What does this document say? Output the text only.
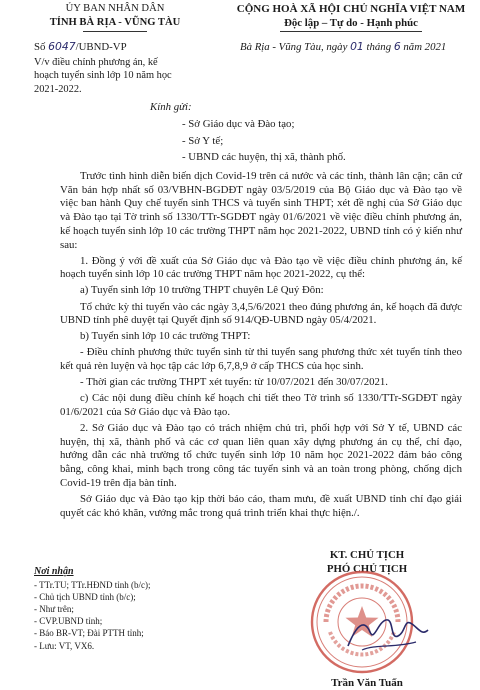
ỦY BAN NHÂN DÂN
TỈNH BÀ RỊA - VŨNG TÀU
CỘNG HOÀ XÃ HỘI CHỦ NGHĨA VIỆT NAM
Độc lập – Tự do - Hạnh phúc
Số 6047/UBND-VP	Bà Rịa - Vũng Tàu, ngày 01 tháng 6 năm 2021
V/v điều chỉnh phương án, kế hoạch tuyển sinh lớp 10 năm học 2021-2022.
Kính gửi:
- Sở Giáo dục và Đào tạo;
- Sở Y tế;
- UBND các huyện, thị xã, thành phố.

Trước tình hình diễn biến dịch Covid-19 trên cả nước và các tỉnh, thành lân cận; căn cứ Văn bản hợp nhất số 03/VBHN-BGDĐT ngày 03/5/2019 của Bộ Giáo dục và Đào tạo về việc ban hành Quy chế tuyển sinh THCS và tuyển sinh THPT; xét đề nghị của Sở Giáo dục và Đào tạo tại Tờ trình số 1330/TTr-SGDĐT ngày 01/6/2021 về việc điều chỉnh phương án, kế hoạch tuyển sinh lớp 10 các trường THPT năm học 2021-2022, UBND tỉnh có ý kiến như sau:

1. Đồng ý với đề xuất của Sở Giáo dục và Đào tạo về việc điều chỉnh phương án, kế hoạch tuyển sinh lớp 10 các trường THPT năm học 2021-2022, cụ thể:

a) Tuyển sinh lớp 10 trường THPT chuyên Lê Quý Đôn:

Tổ chức kỳ thi tuyển vào các ngày 3,4,5/6/2021 theo đúng phương án, kế hoạch đã được UBND tỉnh phê duyệt tại Quyết định số 914/QĐ-UBND ngày 05/4/2021.

b) Tuyển sinh lớp 10 các trường THPT:

- Điều chỉnh phương thức tuyển sinh từ thi tuyển sang phương thức xét tuyển tính theo kết quả rèn luyện và học tập các lớp 6,7,8,9 ở cấp THCS của học sinh.

- Thời gian các trường THPT xét tuyển: từ 10/07/2021 đến 30/07/2021.

c) Các nội dung điều chỉnh kế hoạch chi tiết theo Tờ trình số 1330/TTr-SGDĐT ngày 01/6/2021 của Sở Giáo dục và Đào tạo.

2. Sở Giáo dục và Đào tạo có trách nhiệm chủ trì, phối hợp với Sở Y tế, UBND các huyện, thị xã, thành phố và các cơ quan liên quan xây dựng phương án cụ thể, chỉ đạo, hướng dẫn các nhà trường tổ chức tuyển sinh lớp 10 năm học 2021-2022 đảm bảo công bằng, công khai, minh bạch trong công tác tuyển sinh và an toàn trong phòng, chống dịch Covid-19 trên địa bàn tỉnh.

Sở Giáo dục và Đào tạo kịp thời báo cáo, tham mưu, đề xuất UBND tỉnh chỉ đạo giải quyết các khó khăn, vướng mắc trong quá trình triển khai thực hiện./.

Nơi nhận
- TTr.TU; TTr.HĐND tỉnh (b/c);
- Chủ tịch UBND tỉnh (b/c);
- Như trên;
- CVP.UBND tỉnh;
- Báo BR-VT; Đài PTTH tỉnh;
- Lưu: VT, VX6.
KT. CHỦ TỊCH
PHÓ CHỦ TỊCH
Trần Văn Tuấn
